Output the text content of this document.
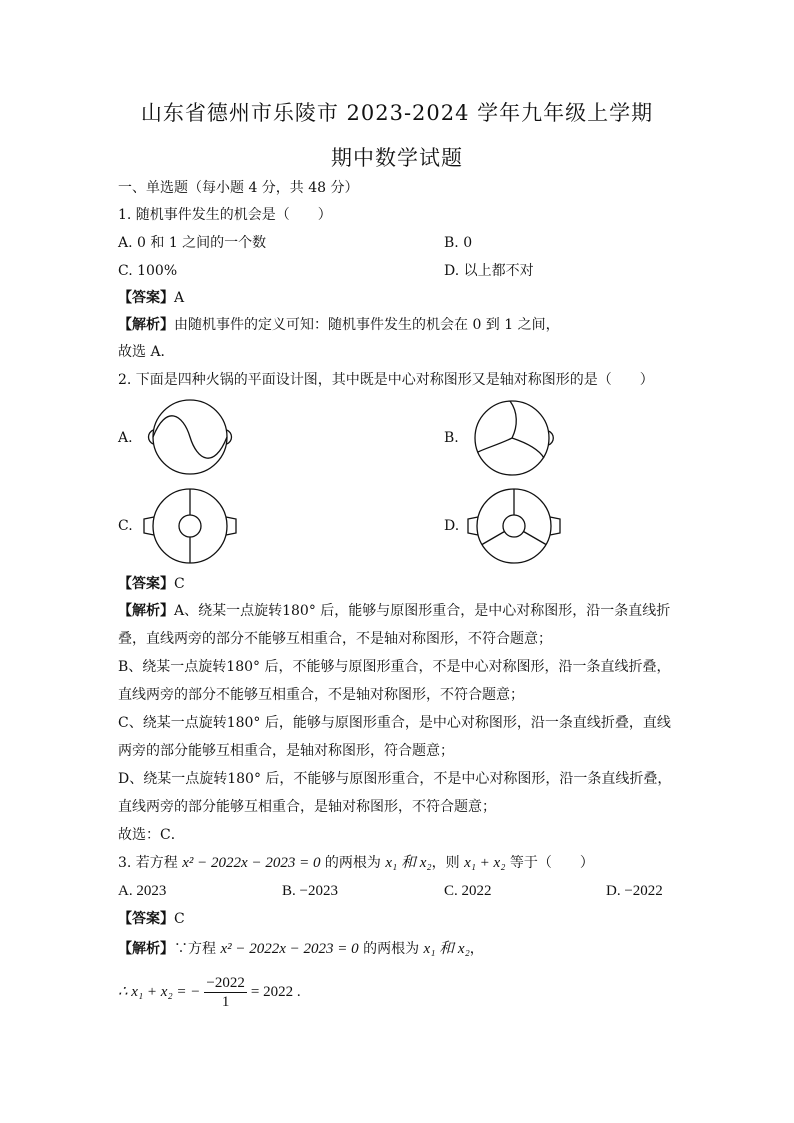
山东省德州市乐陵市 2023-2024 学年九年级上学期
期中数学试题
一、单选题（每小题 4 分，共 48 分）
1. 随机事件发生的机会是（　　）
A. 0 和 1 之间的一个数	B. 0
C. 100%	D. 以上都不对
【答案】A
【解析】由随机事件的定义可知：随机事件发生的机会在 0 到 1 之间，
故选 A．
2. 下面是四种火锅的平面设计图，其中既是中心对称图形又是轴对称图形的是（　　）
A.	B.
C.	D.
【答案】C
【解析】A、绕某一点旋转180° 后，能够与原图形重合，是中心对称图形，沿一条直线折
叠，直线两旁的部分不能够互相重合，不是轴对称图形，不符合题意；
B、绕某一点旋转180° 后，不能够与原图形重合，不是中心对称图形，沿一条直线折叠，
直线两旁的部分不能够互相重合，不是轴对称图形，不符合题意；
C、绕某一点旋转180° 后，能够与原图形重合，是中心对称图形，沿一条直线折叠，直线
两旁的部分能够互相重合，是轴对称图形，符合题意；
D、绕某一点旋转180° 后，不能够与原图形重合，不是中心对称图形，沿一条直线折叠，
直线两旁的部分能够互相重合，是轴对称图形，不符合题意；
故选：C．
3. 若方程 x² − 2022x − 2023 = 0 的两根为 x₁ 和 x₂，则 x₁ + x₂ 等于（　　）
A. 2023	B. −2023	C. 2022	D. −2022
【答案】C
【解析】∵方程 x² − 2022x − 2023 = 0 的两根为 x₁ 和 x₂，
∴ x₁ + x₂ = − $\frac{-2022}{1} = 2022$ .
